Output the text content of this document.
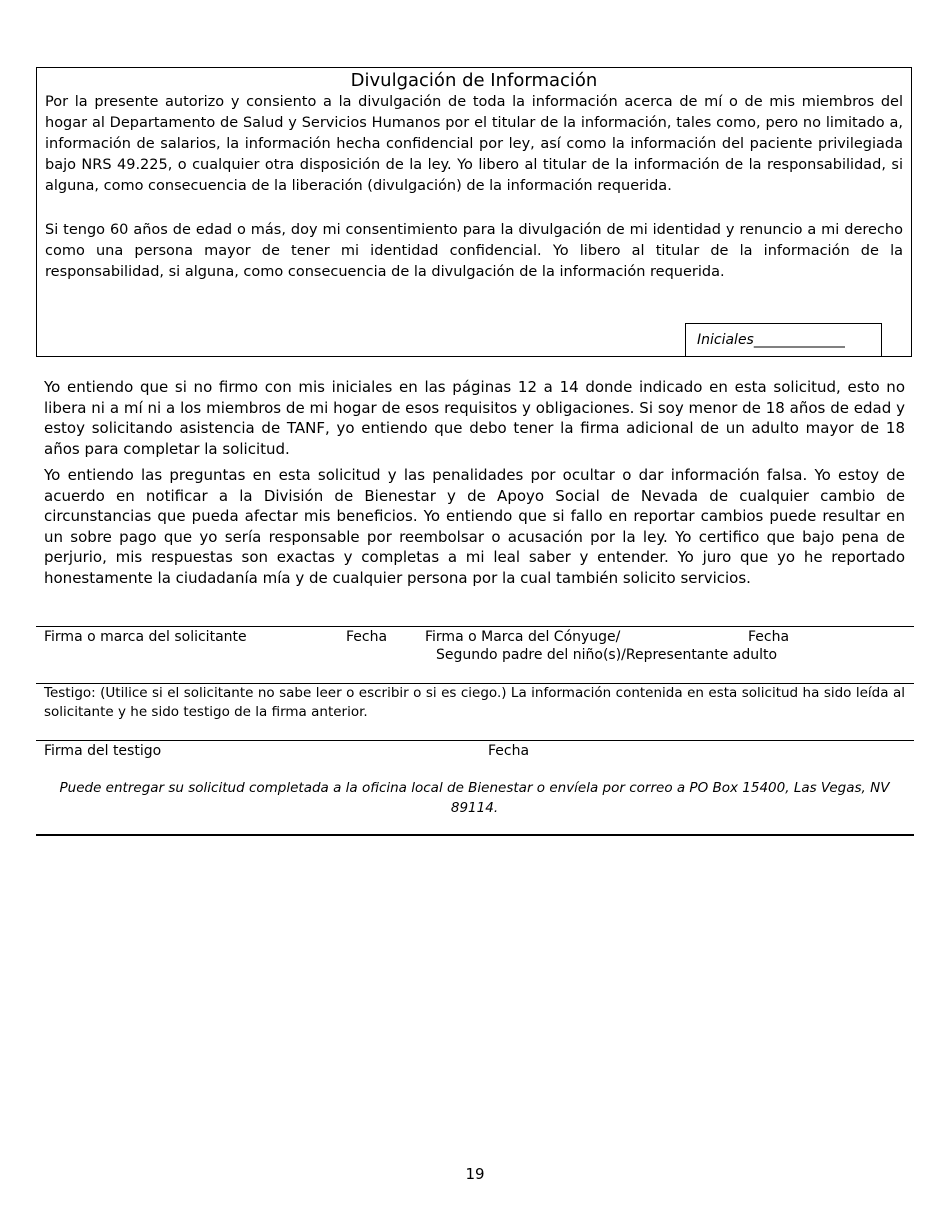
Divulgación de Información

Por la presente autorizo y consiento a la divulgación de toda la información acerca de mí o de mis miembros del hogar al Departamento de Salud y Servicios Humanos por el titular de la información, tales como, pero no limitado a, información de salarios, la información hecha confidencial por ley, así como la información del paciente privilegiada bajo NRS 49.225, o cualquier otra disposición de la ley. Yo libero al titular de la información de la responsabilidad, si alguna, como consecuencia de la liberación (divulgación) de la información requerida.

Si tengo 60 años de edad o más, doy mi consentimiento para la divulgación de mi identidad y renuncio a mi derecho como una persona mayor de tener mi identidad confidencial. Yo libero al titular de la información de la responsabilidad, si alguna, como consecuencia de la divulgación de la información requerida.

Iniciales_____________

Yo entiendo que si no firmo con mis iniciales en las páginas 12 a 14 donde indicado en esta solicitud, esto no libera ni a mí ni a los miembros de mi hogar de esos requisitos y obligaciones. Si soy menor de 18 años de edad y estoy solicitando asistencia de TANF, yo entiendo que debo tener la firma adicional de un adulto mayor de 18 años para completar la solicitud.

Yo entiendo las preguntas en esta solicitud y las penalidades por ocultar o dar información falsa. Yo estoy de acuerdo en notificar a la División de Bienestar y de Apoyo Social de Nevada de cualquier cambio de circunstancias que pueda afectar mis beneficios. Yo entiendo que si fallo en reportar cambios puede resultar en un sobre pago que yo sería responsable por reembolsar o acusación por la ley. Yo certifico que bajo pena de perjurio, mis respuestas son exactas y completas a mi leal saber y entender. Yo juro que yo he reportado honestamente la ciudadanía mía y de cualquier persona por la cual también solicito servicios.

Firma o marca del solicitante	Fecha	Firma o Marca del Cónyuge/	Fecha
Segundo padre del niño(s)/Representante adulto

Testigo: (Utilice si el solicitante no sabe leer o escribir o si es ciego.) La información contenida en esta solicitud ha sido leída al solicitante y he sido testigo de la firma anterior.

Firma del testigo	Fecha

Puede entregar su solicitud completada a la oficina local de Bienestar o envíela por correo a PO Box 15400, Las Vegas, NV 89114.

19
